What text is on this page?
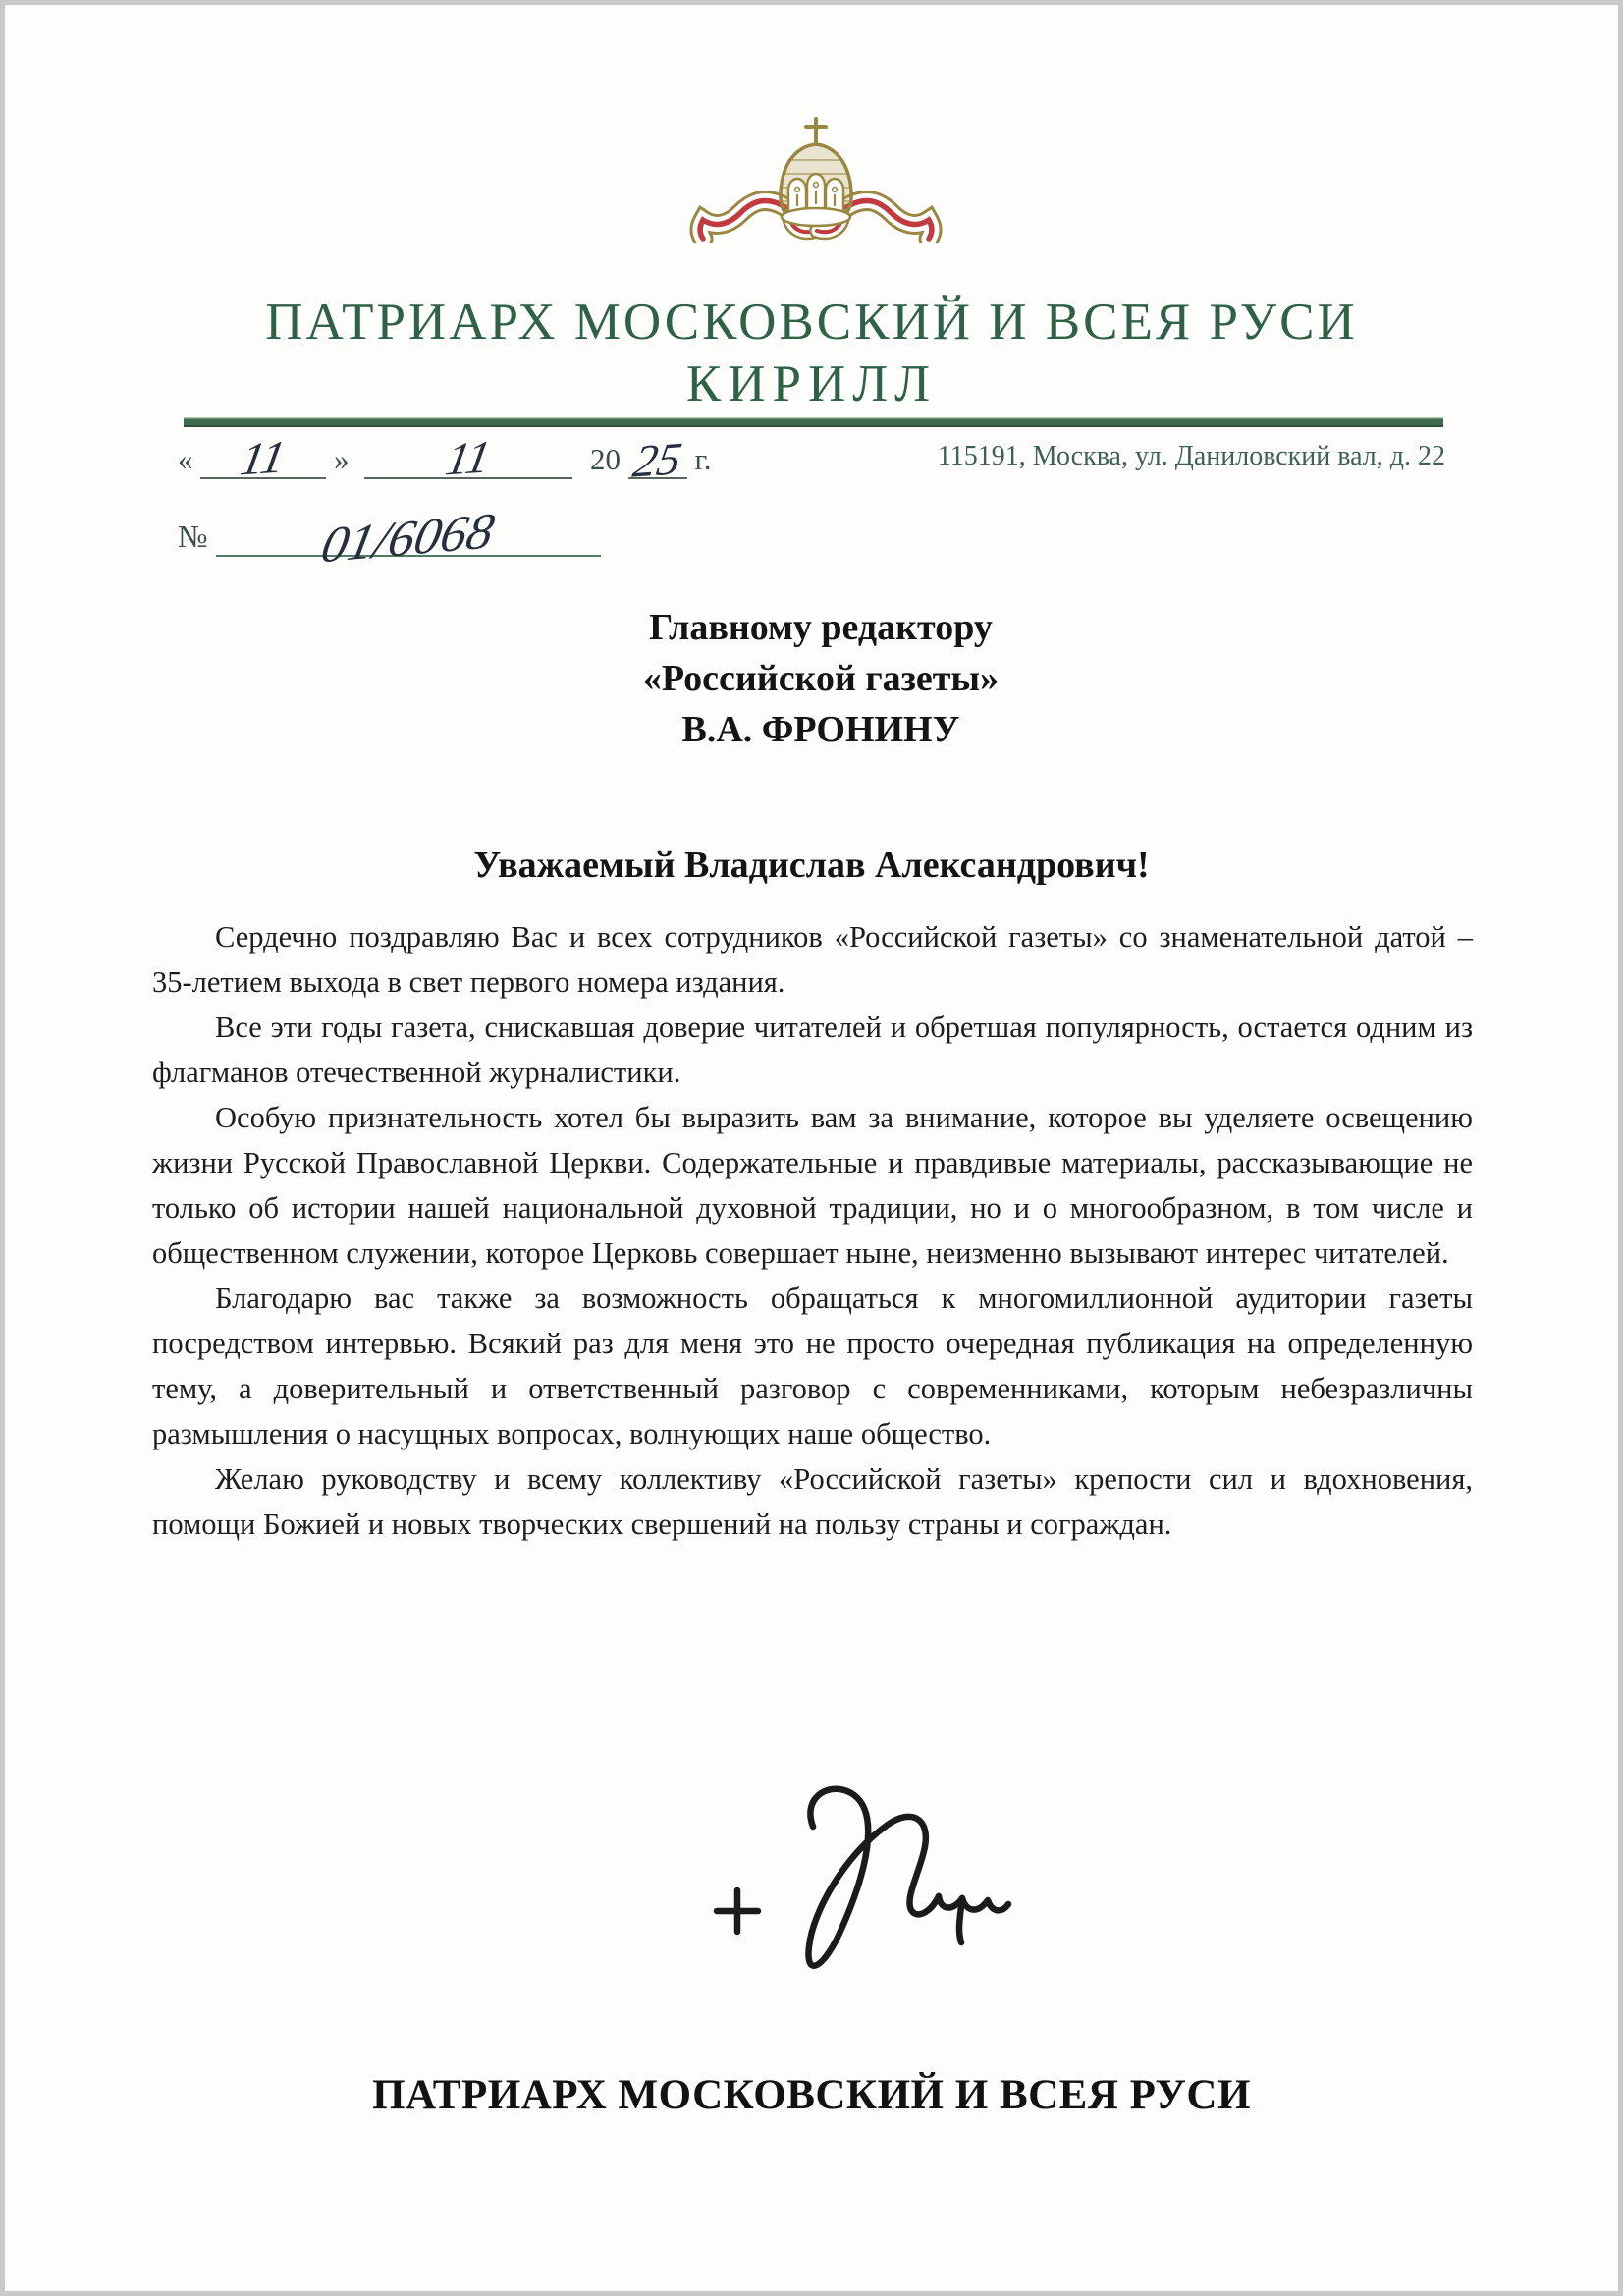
ПАТРИАРХ МОСКОВСКИЙ И ВСЕЯ РУСИ
КИРИЛЛ
« 11 » 11	20 25 г.
№ 01/6068
115191, Москва, ул. Даниловский вал, д. 22
Главному редактору
«Российской газеты»
В.А. ФРОНИНУ
Уважаемый Владислав Александрович!

Сердечно поздравляю Вас и всех сотрудников «Российской газеты» со знаменательной датой – 35-летием выхода в свет первого номера издания.

Все эти годы газета, снискавшая доверие читателей и обретшая популярность, остается одним из флагманов отечественной журналистики.

Особую признательность хотел бы выразить вам за внимание, которое вы уделяете освещению жизни Русской Православной Церкви. Содержательные и правдивые материалы, рассказывающие не только об истории нашей национальной духовной традиции, но и о многообразном, в том числе и общественном служении, которое Церковь совершает ныне, неизменно вызывают интерес читателей.

Благодарю вас также за возможность обращаться к многомиллионной аудитории газеты посредством интервью. Всякий раз для меня это не просто очередная публикация на определенную тему, а доверительный и ответственный разговор с современниками, которым небезразличны размышления о насущных вопросах, волнующих наше общество.

Желаю руководству и всему коллективу «Российской газеты» крепости сил и вдохновения, помощи Божией и новых творческих свершений на пользу страны и сограждан.

ПАТРИАРХ МОСКОВСКИЙ И ВСЕЯ РУСИ
